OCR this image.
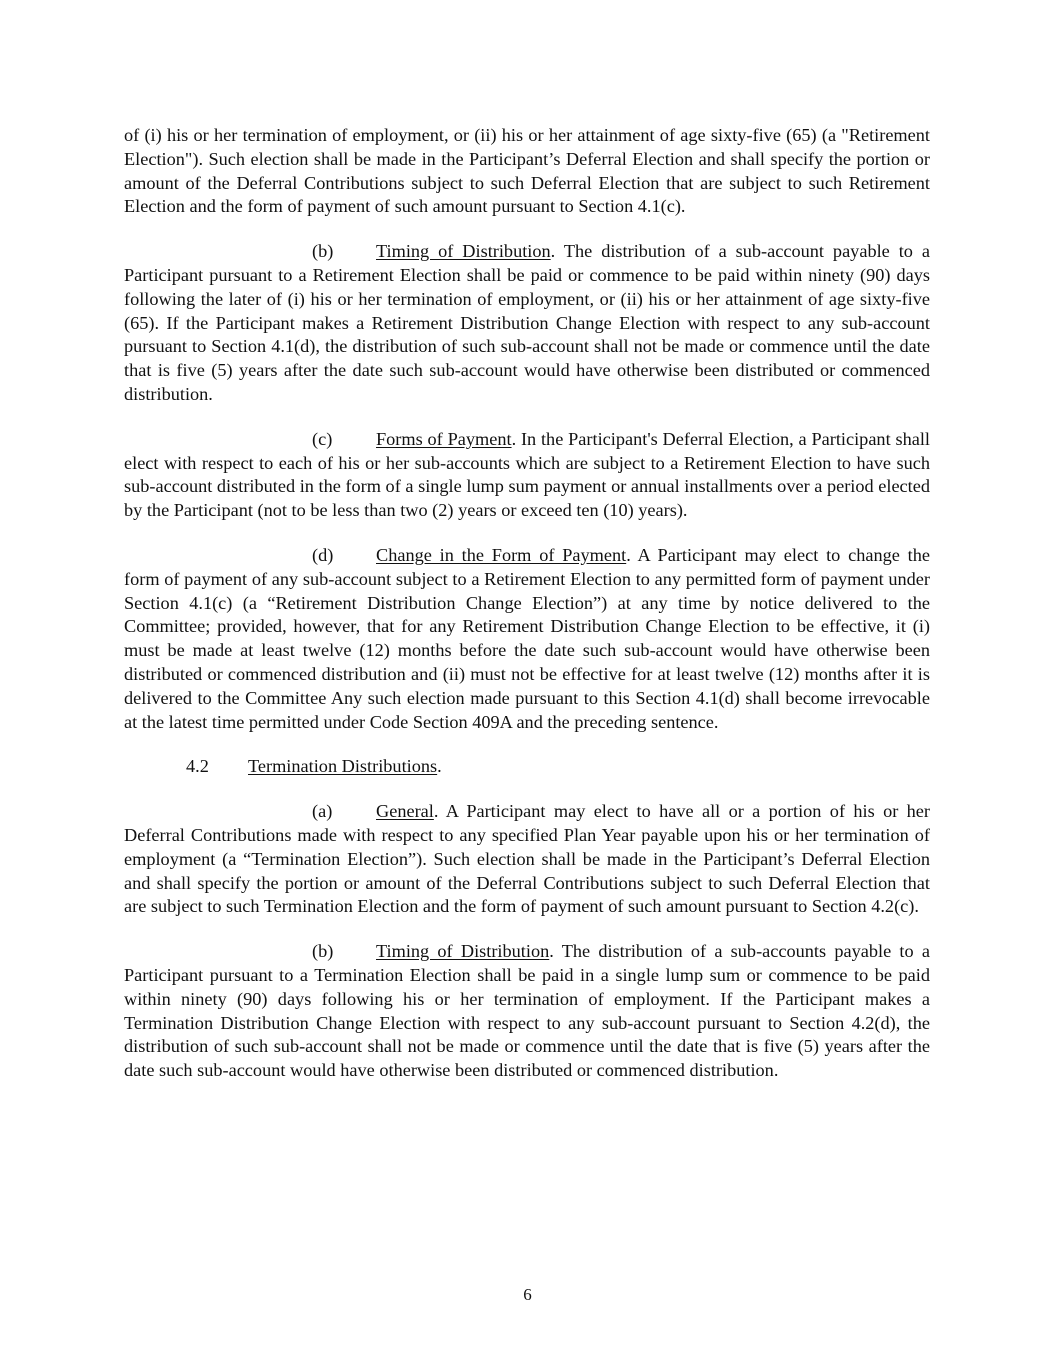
of (i) his or her termination of employment, or (ii) his or her attainment of age sixty-five (65) (a "Retirement Election"). Such election shall be made in the Participant’s Deferral Election and shall specify the portion or amount of the Deferral Contributions subject to such Deferral Election that are subject to such Retirement Election and the form of payment of such amount pursuant to Section 4.1(c).

(b) Timing of Distribution. The distribution of a sub-account payable to a Participant pursuant to a Retirement Election shall be paid or commence to be paid within ninety (90) days following the later of (i) his or her termination of employment, or (ii) his or her attainment of age sixty-five (65). If the Participant makes a Retirement Distribution Change Election with respect to any sub-account pursuant to Section 4.1(d), the distribution of such sub-account shall not be made or commence until the date that is five (5) years after the date such sub-account would have otherwise been distributed or commenced distribution.

(c) Forms of Payment. In the Participant's Deferral Election, a Participant shall elect with respect to each of his or her sub-accounts which are subject to a Retirement Election to have such sub-account distributed in the form of a single lump sum payment or annual installments over a period elected by the Participant (not to be less than two (2) years or exceed ten (10) years).

(d) Change in the Form of Payment. A Participant may elect to change the form of payment of any sub-account subject to a Retirement Election to any permitted form of payment under Section 4.1(c) (a “Retirement Distribution Change Election”) at any time by notice delivered to the Committee; provided, however, that for any Retirement Distribution Change Election to be effective, it (i) must be made at least twelve (12) months before the date such sub-account would have otherwise been distributed or commenced distribution and (ii) must not be effective for at least twelve (12) months after it is delivered to the Committee Any such election made pursuant to this Section 4.1(d) shall become irrevocable at the latest time permitted under Code Section 409A and the preceding sentence.

4.2 Termination Distributions.

(a) General. A Participant may elect to have all or a portion of his or her Deferral Contributions made with respect to any specified Plan Year payable upon his or her termination of employment (a “Termination Election”). Such election shall be made in the Participant’s Deferral Election and shall specify the portion or amount of the Deferral Contributions subject to such Deferral Election that are subject to such Termination Election and the form of payment of such amount pursuant to Section 4.2(c).

(b) Timing of Distribution. The distribution of a sub-accounts payable to a Participant pursuant to a Termination Election shall be paid in a single lump sum or commence to be paid within ninety (90) days following his or her termination of employment. If the Participant makes a Termination Distribution Change Election with respect to any sub-account pursuant to Section 4.2(d), the distribution of such sub-account shall not be made or commence until the date that is five (5) years after the date such sub-account would have otherwise been distributed or commenced distribution.

6
